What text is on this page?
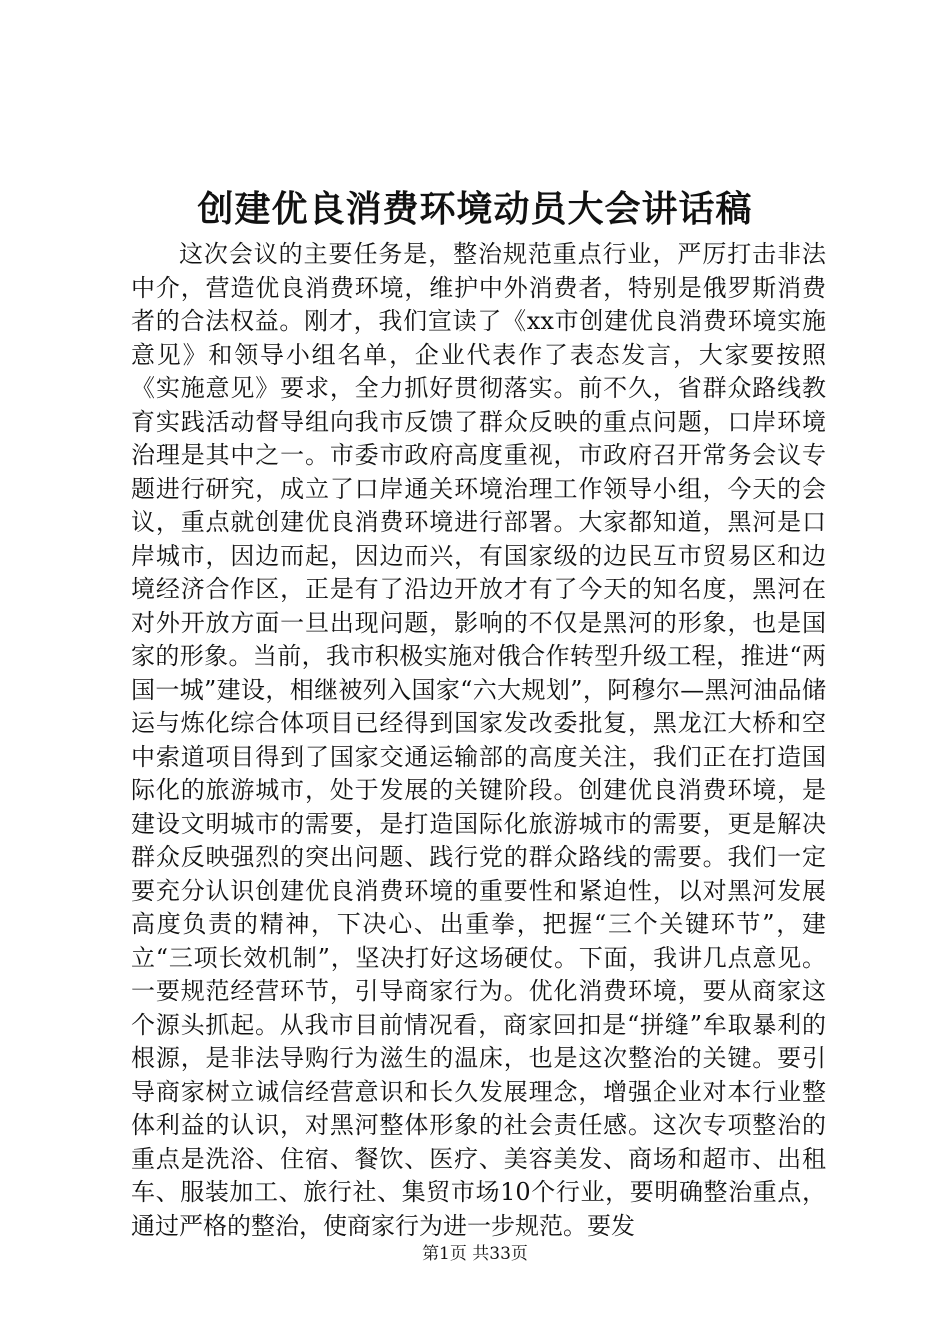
创建优良消费环境动员大会讲话稿

这次会议的主要任务是，整治规范重点行业，严厉打击非法中介，营造优良消费环境，维护中外消费者，特别是俄罗斯消费者的合法权益。刚才，我们宣读了《xx市创建优良消费环境实施意见》和领导小组名单，企业代表作了表态发言，大家要按照《实施意见》要求，全力抓好贯彻落实。前不久，省群众路线教育实践活动督导组向我市反馈了群众反映的重点问题，口岸环境治理是其中之一。市委市政府高度重视，市政府召开常务会议专题进行研究，成立了口岸通关环境治理工作领导小组，今天的会议，重点就创建优良消费环境进行部署。大家都知道，黑河是口岸城市，因边而起，因边而兴，有国家级的边民互市贸易区和边境经济合作区，正是有了沿边开放才有了今天的知名度，黑河在对外开放方面一旦出现问题，影响的不仅是黑河的形象，也是国家的形象。当前，我市积极实施对俄合作转型升级工程，推进“两国一城”建设，相继被列入国家“六大规划”，阿穆尔—黑河油品储运与炼化综合体项目已经得到国家发改委批复，黑龙江大桥和空中索道项目得到了国家交通运输部的高度关注，我们正在打造国际化的旅游城市，处于发展的关键阶段。创建优良消费环境，是建设文明城市的需要，是打造国际化旅游城市的需要，更是解决群众反映强烈的突出问题、践行党的群众路线的需要。我们一定要充分认识创建优良消费环境的重要性和紧迫性，以对黑河发展高度负责的精神，下决心、出重拳，把握“三个关键环节”，建立“三项长效机制”，坚决打好这场硬仗。下面，我讲几点意见。一要规范经营环节，引导商家行为。优化消费环境，要从商家这个源头抓起。从我市目前情况看，商家回扣是“拼缝”牟取暴利的根源，是非法导购行为滋生的温床，也是这次整治的关键。要引导商家树立诚信经营意识和长久发展理念，增强企业对本行业整体利益的认识，对黑河整体形象的社会责任感。这次专项整治的重点是洗浴、住宿、餐饮、医疗、美容美发、商场和超市、出租车、服装加工、旅行社、集贸市场10个行业，要明确整治重点，通过严格的整治，使商家行为进一步规范。要发

第1页 共33页
